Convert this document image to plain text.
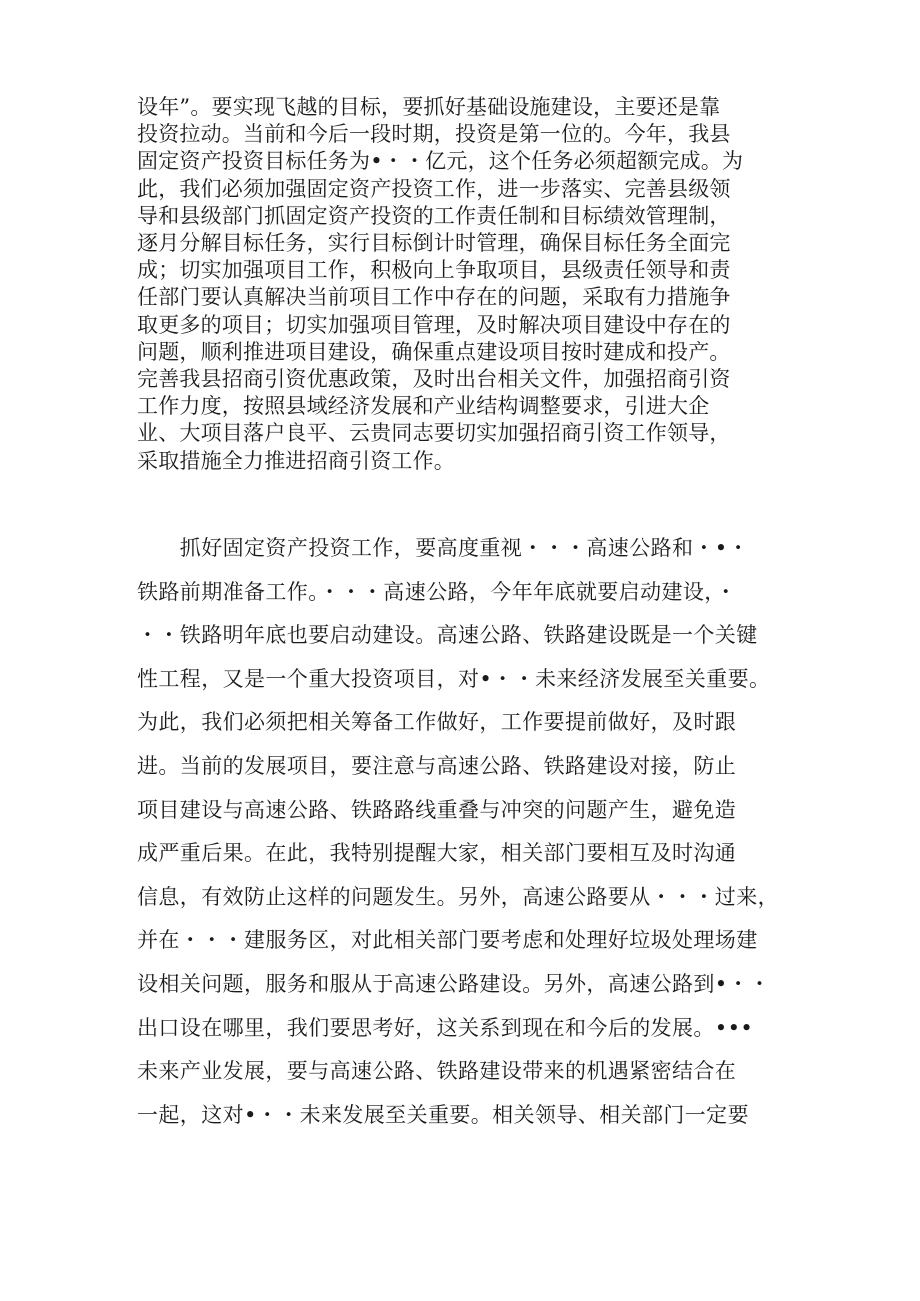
设年”。要实现飞越的目标，要抓好基础设施建设，主要还是靠
投资拉动。当前和今后一段时期，投资是第一位的。今年，我县
固定资产投资目标任务为•・・亿元，这个任务必须超额完成。为
此，我们必须加强固定资产投资工作，进一步落实、完善县级领
导和县级部门抓固定资产投资的工作责任制和目标绩效管理制，
逐月分解目标任务，实行目标倒计时管理，确保目标任务全面完
成；切实加强项目工作，积极向上争取项目，县级责任领导和责
任部门要认真解决当前项目工作中存在的问题，采取有力措施争
取更多的项目；切实加强项目管理，及时解决项目建设中存在的
问题，顺利推进项目建设，确保重点建设项目按时建成和投产。
完善我县招商引资优惠政策，及时出台相关文件，加强招商引资
工作力度，按照县域经济发展和产业结构调整要求，引进大企
业、大项目落户良平、云贵同志要切实加强招商引资工作领导，
采取措施全力推进招商引资工作。
　　抓好固定资产投资工作，要高度重视・・・高速公路和・•・
铁路前期准备工作。・・・高速公路，今年年底就要启动建设，・
・・铁路明年底也要启动建设。高速公路、铁路建设既是一个关键
性工程，又是一个重大投资项目，对•・・未来经济发展至关重要。
为此，我们必须把相关筹备工作做好，工作要提前做好，及时跟
进。当前的发展项目，要注意与高速公路、铁路建设对接，防止
项目建设与高速公路、铁路路线重叠与冲突的问题产生，避免造
成严重后果。在此，我特别提醒大家，相关部门要相互及时沟通
信息，有效防止这样的问题发生。另外，高速公路要从・・・过来，
并在・・・建服务区，对此相关部门要考虑和处理好垃圾处理场建
设相关问题，服务和服从于高速公路建设。另外，高速公路到•・・
出口设在哪里，我们要思考好，这关系到现在和今后的发展。•••
未来产业发展，要与高速公路、铁路建设带来的机遇紧密结合在
一起，这对•・・未来发展至关重要。相关领导、相关部门一定要
